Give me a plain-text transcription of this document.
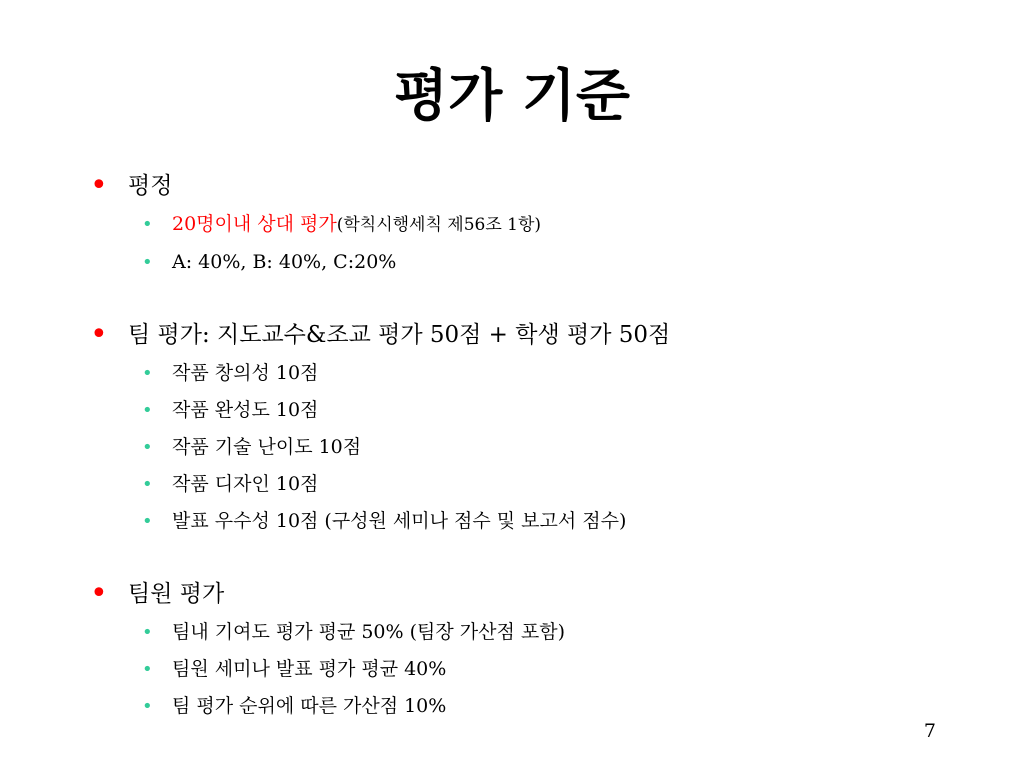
평가 기준
• 평정
• 20명이내 상대 평가(학칙시행세칙 제56조 1항)
• A: 40%, B: 40%, C:20%
• 팀 평가: 지도교수&조교 평가 50점 + 학생 평가 50점
• 작품 창의성 10점
• 작품 완성도 10점
• 작품 기술 난이도 10점
• 작품 디자인 10점
• 발표 우수성 10점 (구성원 세미나 점수 및 보고서 점수)
• 팀원 평가
• 팀내 기여도 평가 평균 50% (팀장 가산점 포함)
• 팀원 세미나 발표 평가 평균 40%
• 팀 평가 순위에 따른 가산점 10%
7
